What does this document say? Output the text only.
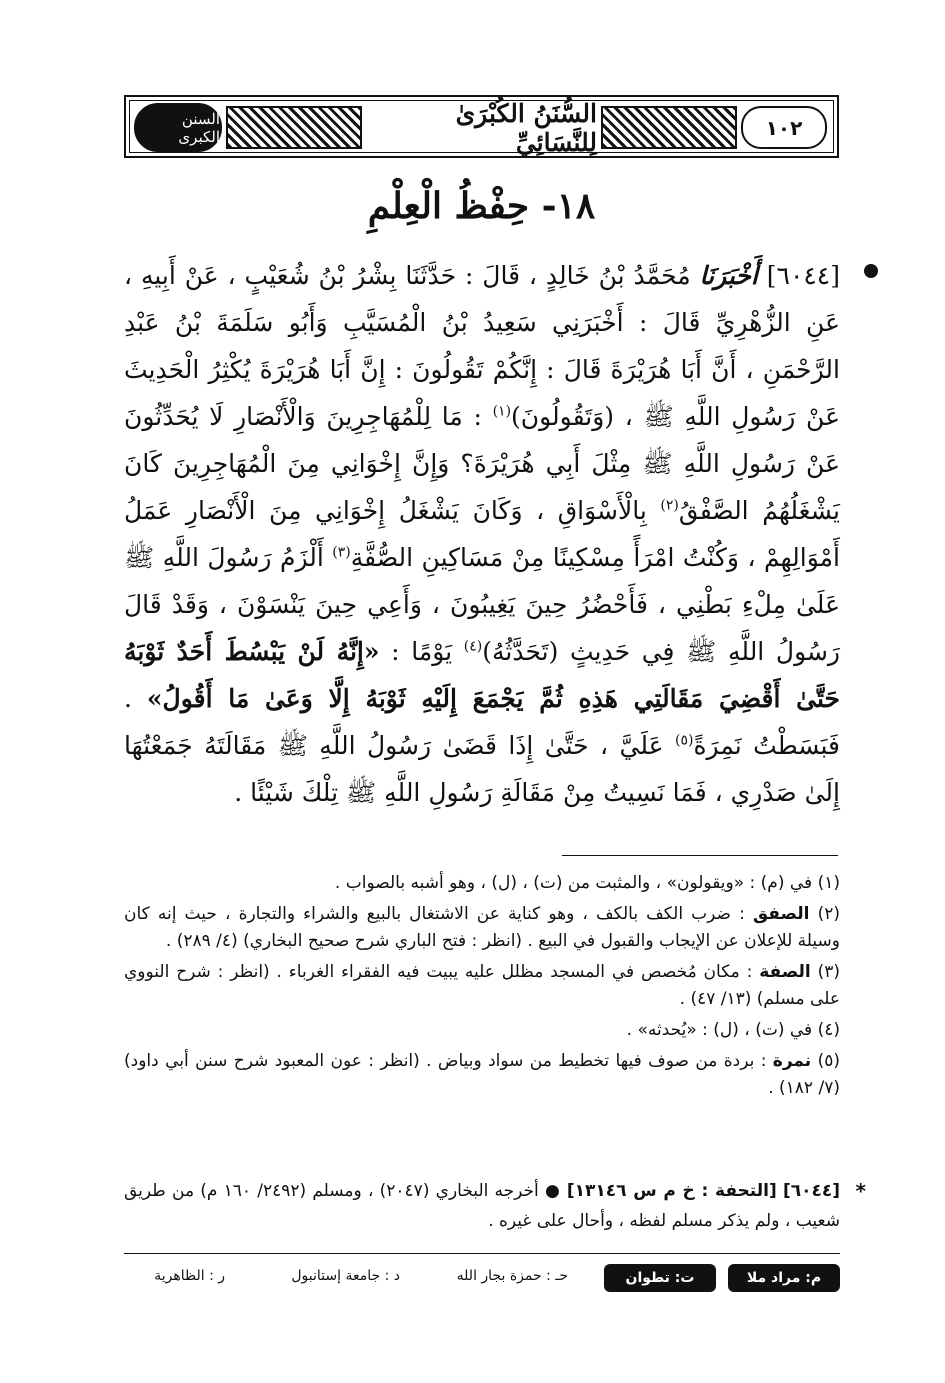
١٠٢
السنن الكبرى
السُّنَنُ الكُبْرَىٰ لِلنَّسَائِيِّ
١٨- حِفْظُ الْعِلْمِ
[٦٠٤٤] أَخْبَرَنَا مُحَمَّدُ بْنُ خَالِدٍ ، قَالَ : حَدَّثَنَا بِشْرُ بْنُ شُعَيْبٍ ، عَنْ أَبِيهِ ، عَنِ الزُّهْرِيِّ قَالَ : أَخْبَرَنِي سَعِيدُ بْنُ الْمُسَيَّبِ وَأَبُو سَلَمَةَ بْنُ عَبْدِ الرَّحْمَنِ ، أَنَّ أَبَا هُرَيْرَةَ قَالَ : إِنَّكُمْ تَقُولُونَ : إِنَّ أَبَا هُرَيْرَةَ يُكْثِرُ الْحَدِيثَ عَنْ رَسُولِ اللَّهِ ﷺ ، (وَتَقُولُونَ)$^{(١)}$ : مَا لِلْمُهَاجِرِينَ وَالْأَنْصَارِ لَا يُحَدِّثُونَ عَنْ رَسُولِ اللَّهِ ﷺ مِثْلَ أَبِي هُرَيْرَةَ؟ وَإِنَّ إِخْوَانِي مِنَ الْمُهَاجِرِينَ كَانَ يَشْغَلُهُمُ الصَّفْقُ$^{(٢)}$ بِالْأَسْوَاقِ ، وَكَانَ يَشْغَلُ إِخْوَانِي مِنَ الْأَنْصَارِ عَمَلُ أَمْوَالِهِمْ ، وَكُنْتُ امْرَأً مِسْكِينًا مِنْ مَسَاكِينِ الصُّفَّةِ$^{(٣)}$ أَلْزَمُ رَسُولَ اللَّهِ ﷺ عَلَىٰ مِلْءِ بَطْنِي ، فَأَحْضُرُ حِينَ يَغِيبُونَ ، وَأَعِي حِينَ يَنْسَوْنَ ، وَقَدْ قَالَ رَسُولُ اللَّهِ ﷺ فِي حَدِيثٍ (تَحَدَّثُهُ)$^{(٤)}$ يَوْمًا : «إِنَّهُ لَنْ يَبْسُطَ أَحَدٌ ثَوْبَهُ حَتَّىٰ أَقْضِيَ مَقَالَتِي هَذِهِ ثُمَّ يَجْمَعَ إِلَيْهِ ثَوْبَهُ إِلَّا وَعَىٰ مَا أَقُولُ» . فَبَسَطْتُ نَمِرَةً$^{(٥)}$ عَلَيَّ ، حَتَّىٰ إِذَا قَضَىٰ رَسُولُ اللَّهِ ﷺ مَقَالَتَهُ جَمَعْتُهَا إِلَىٰ صَدْرِي ، فَمَا نَسِيتُ مِنْ مَقَالَةِ رَسُولِ اللَّهِ ﷺ تِلْكَ شَيْئًا .

(١) في (م) : «ويقولون» ، والمثبت من (ت) ، (ل) ، وهو أشبه بالصواب .

(٢) الصفق : ضرب الكف بالكف ، وهو كناية عن الاشتغال بالبيع والشراء والتجارة ، حيث إنه كان وسيلة للإعلان عن الإيجاب والقبول في البيع . (انظر : فتح الباري شرح صحيح البخاري) (٤/ ٢٨٩) .

(٣) الصفة : مكان مُخصص في المسجد مظلل عليه يبيت فيه الفقراء الغرباء . (انظر : شرح النووي على مسلم) (١٣/ ٤٧) .

(٤) في (ت) ، (ل) : «يُحدثه» .

(٥) نمرة : بردة من صوف فيها تخطيط من سواد وبياض . (انظر : عون المعبود شرح سنن أبي داود) (٧/ ١٨٢) .

*
[٦٠٤٤] [التحفة : خ م س ١٣١٤٦] ● أخرجه البخاري (٢٠٤٧) ، ومسلم (٢٤٩٢/ ١٦٠ م) من طريق شعيب ، ولم يذكر مسلم لفظه ، وأحال على غيره .
م: مراد ملا
ت: تطوان
حـ : حمزة بجار الله
د : جامعة إستانبول
ر : الظاهرية
